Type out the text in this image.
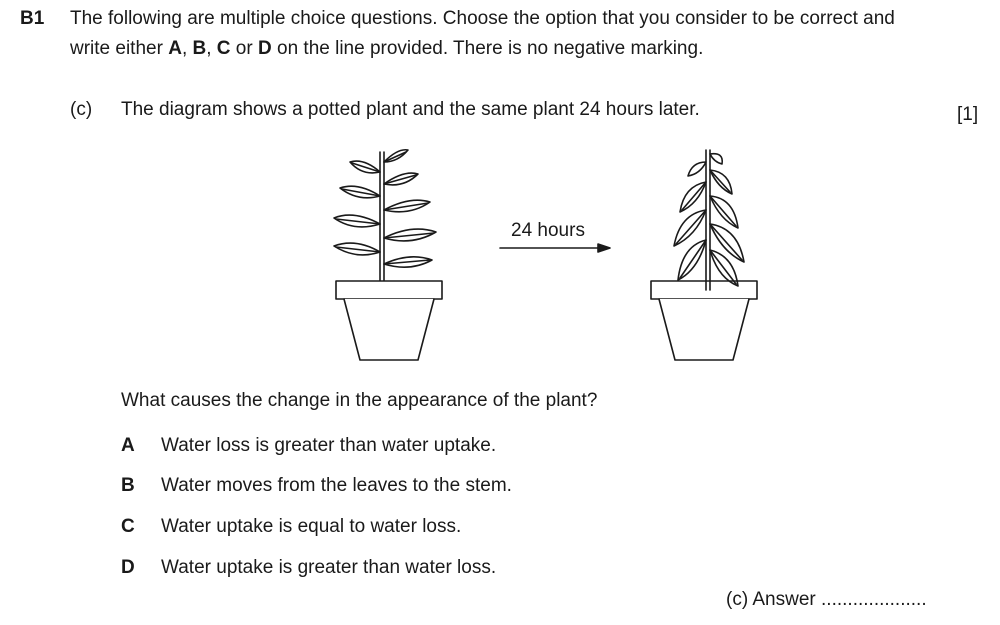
B1 The following are multiple choice questions. Choose the option that you consider to be correct and
write either A, B, C or D on the line provided. There is no negative marking.
(c) The diagram shows a potted plant and the same plant 24 hours later.	[1]
24 hours
What causes the change in the appearance of the plant?
A Water loss is greater than water uptake.
B Water moves from the leaves to the stem.
C Water uptake is equal to water loss.
D Water uptake is greater than water loss.
(c) Answer ....................
